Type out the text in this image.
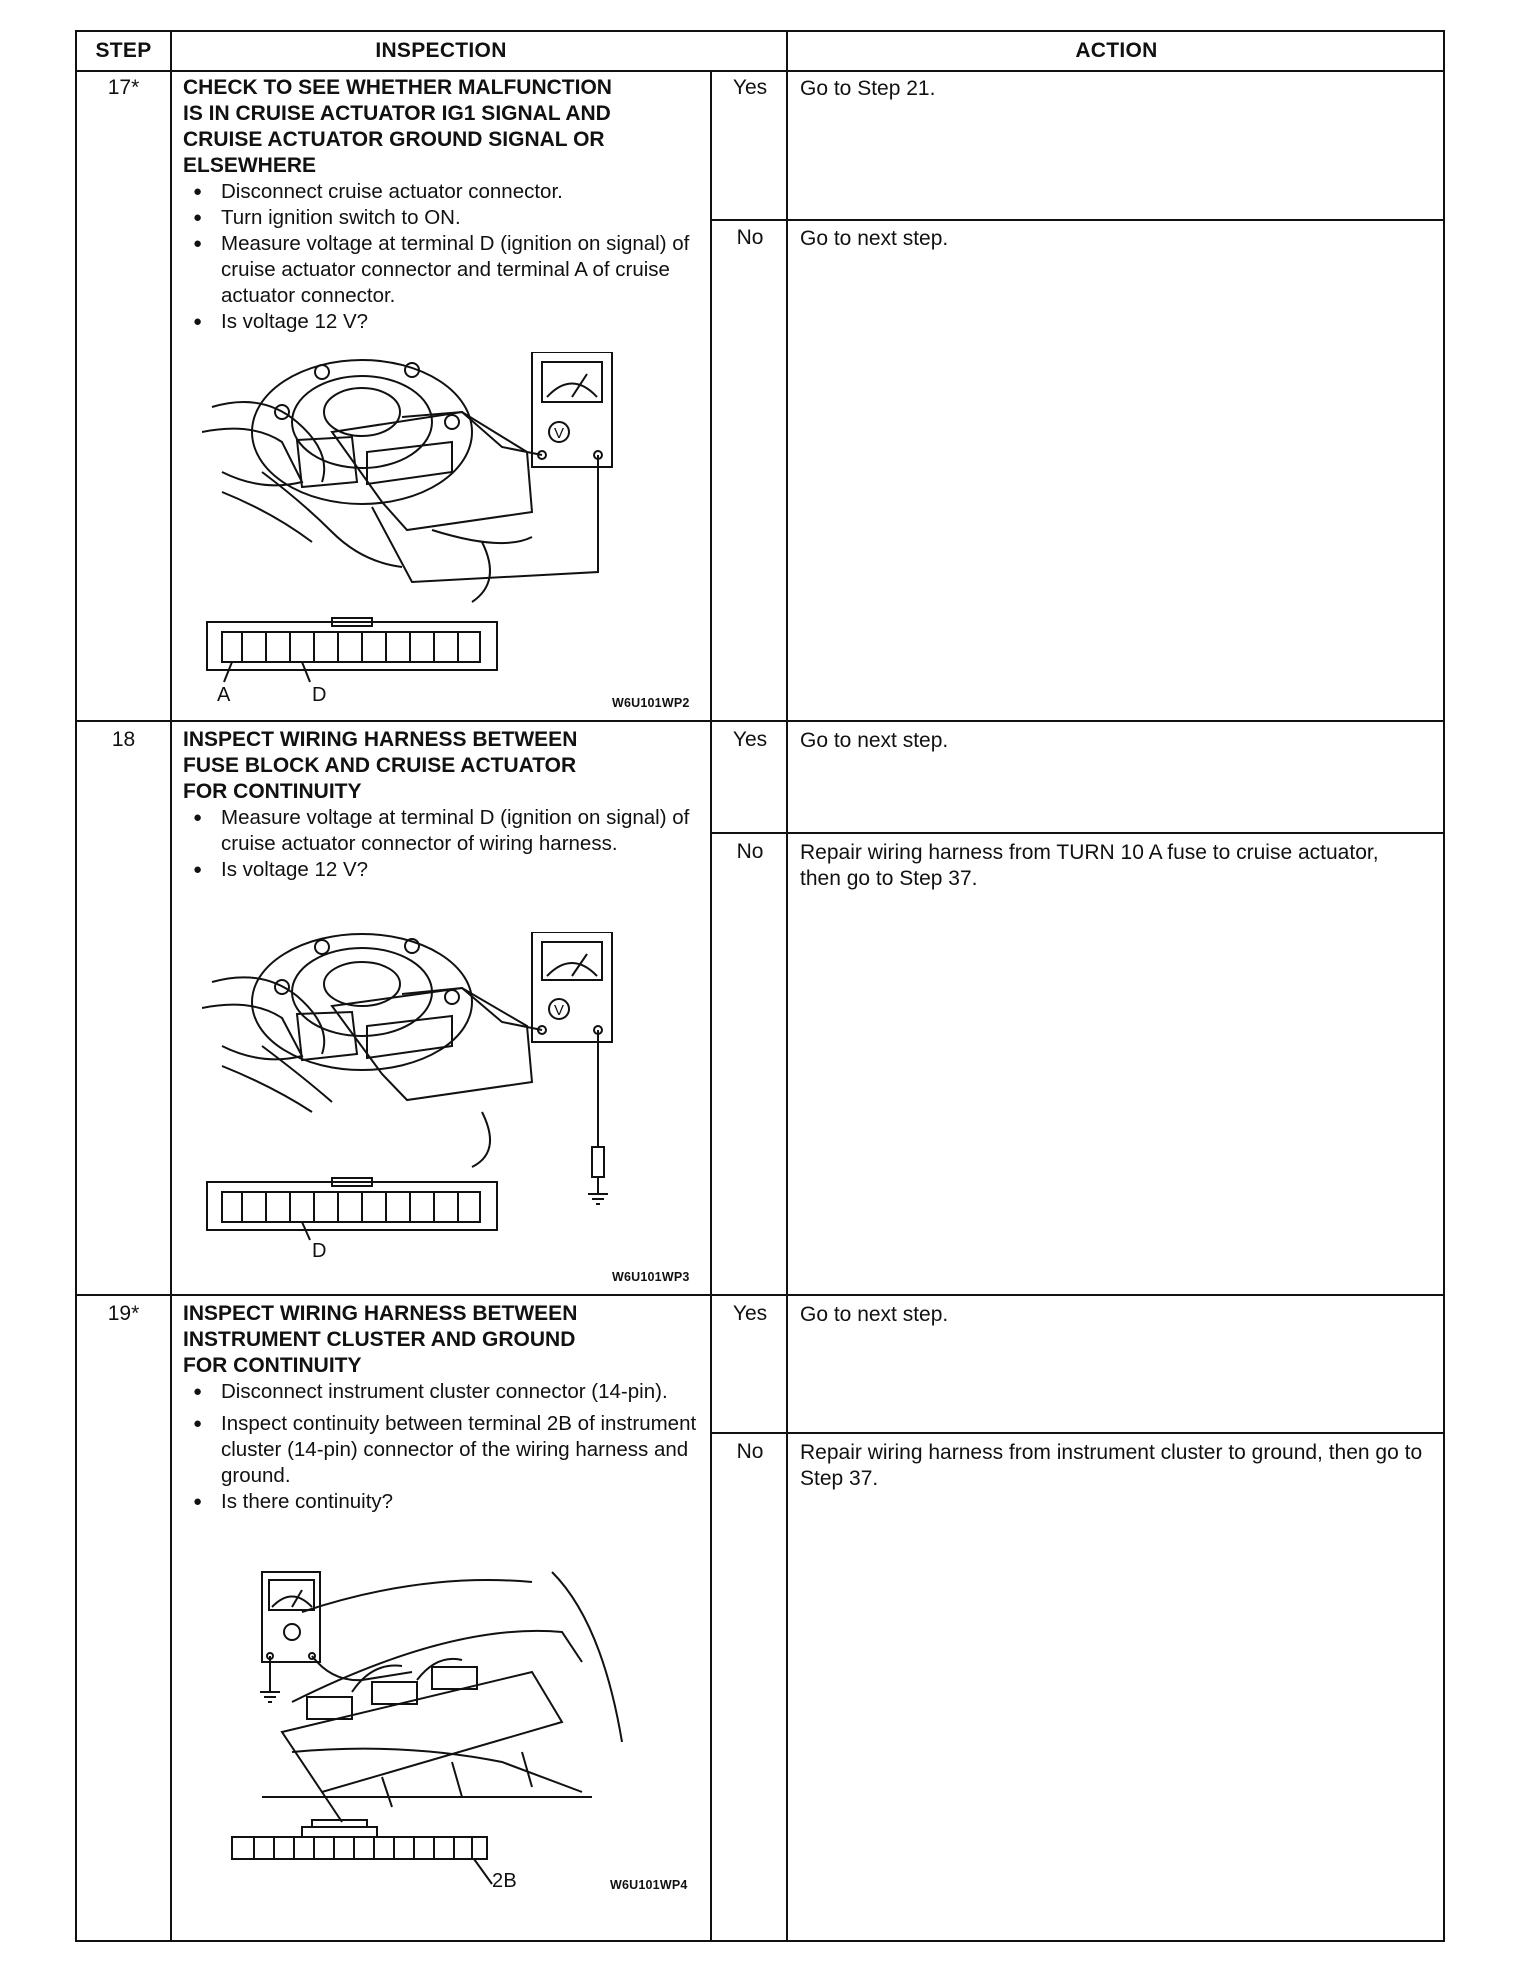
STEP	INSPECTION	ACTION
17*	CHECK TO SEE WHETHER MALFUNCTION
IS IN CRUISE ACTUATOR IG1 SIGNAL AND
CRUISE ACTUATOR GROUND SIGNAL OR
ELSEWHERE
● Disconnect cruise actuator connector.
● Turn ignition switch to ON.
● Measure voltage at terminal D (ignition on signal) of cruise actuator connector and terminal A of cruise actuator connector.
● Is voltage 12 V?
V
A	D	W6U101WP2
Yes	Go to Step 21.
No	Go to next step.
18	INSPECT WIRING HARNESS BETWEEN
FUSE BLOCK AND CRUISE ACTUATOR
FOR CONTINUITY
● Measure voltage at terminal D (ignition on signal) of cruise actuator connector of wiring harness.
● Is voltage 12 V?
V
D
W6U101WP3
Yes	Go to next step.
No	Repair wiring harness from TURN 10 A fuse to cruise actuator, then go to Step 37.
19*	INSPECT WIRING HARNESS BETWEEN
INSTRUMENT CLUSTER AND GROUND
FOR CONTINUITY
● Disconnect instrument cluster connector (14-pin).
● Inspect continuity between terminal 2B of instrument cluster (14-pin) connector of the wiring harness and ground.
● Is there continuity?
2B	W6U101WP4
Yes	Go to next step.
No	Repair wiring harness from instrument cluster to ground, then go to Step 37.
